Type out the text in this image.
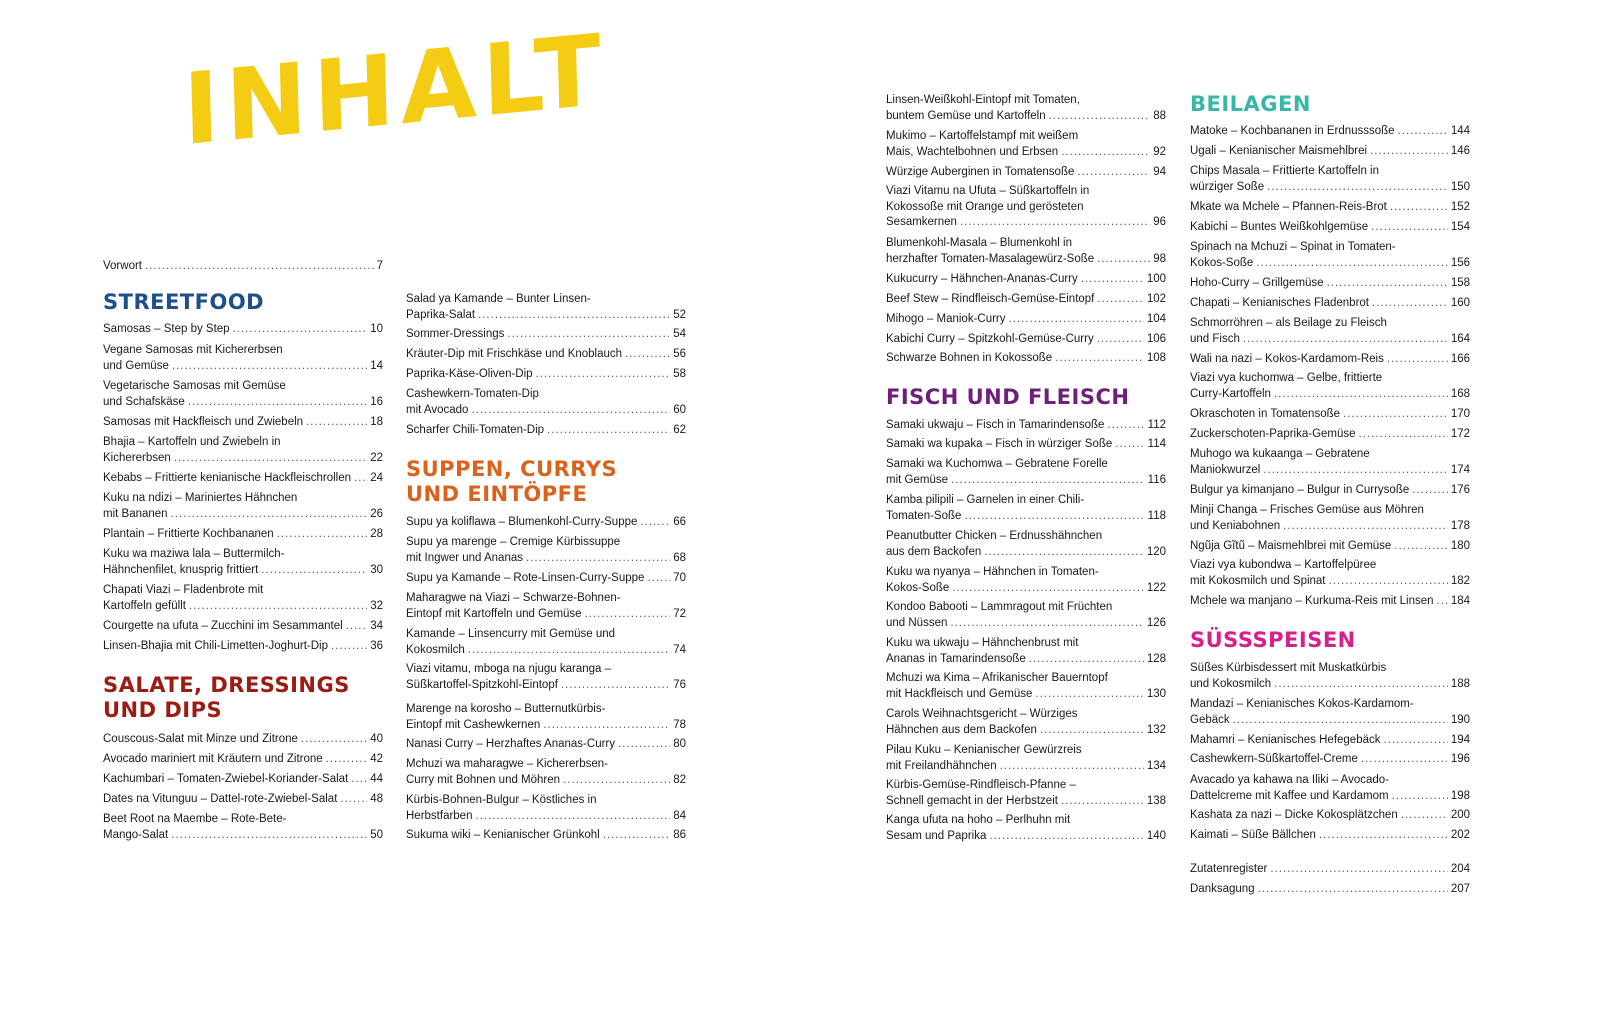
INHALT
Vorwort .....	7
STREETFOOD
Samosas – Step by Step .....	10
Vegane Samosas mit Kichererbsen
und Gemüse .....	14
Vegetarische Samosas mit Gemüse
und Schafskäse .....	16
Samosas mit Hackfleisch und Zwiebeln .....	18
Bhajia – Kartoffeln und Zwiebeln in
Kichererbsen .....	22
Kebabs – Frittierte kenianische Hackfleischrollen ..... 24
Kuku na ndizi – Mariniertes Hähnchen
mit Bananen .....	26
Plantain – Frittierte Kochbananen .....	28
Kuku wa maziwa lala – Buttermilch-
Hähnchenfilet, knusprig frittiert .....	30
Chapati Viazi – Fladenbrote mit
Kartoffeln gefüllt .....	32
Courgette na ufuta – Zucchini im Sesammantel ..... 34
Linsen-Bhajia mit Chili-Limetten-Joghurt-Dip .....	36
SALATE, DRESSINGS
UND DIPS
Couscous-Salat mit Minze und Zitrone .....	40
Avocado mariniert mit Kräutern und Zitrone .....	42
Kachumbari – Tomaten-Zwiebel-Koriander-Salat ..... 44
Dates na Vitunguu – Dattel-rote-Zwiebel-Salat .....	48
Beet Root na Maembe – Rote-Bete-
Mango-Salat .....	50
Salad ya Kamande – Bunter Linsen-
Paprika-Salat .....	52
Sommer-Dressings .....	54
Kräuter-Dip mit Frischkäse und Knoblauch .....	56
Paprika-Käse-Oliven-Dip .....	58
Cashewkern-Tomaten-Dip
mit Avocado .....	60
Scharfer Chili-Tomaten-Dip .....	62
SUPPEN, CURRYS
UND EINTÖPFE
Supu ya koliflawa – Blumenkohl-Curry-Suppe .....	66
Supu ya marenge – Cremige Kürbissuppe
mit Ingwer und Ananas .....	68
Supu ya Kamande – Rote-Linsen-Curry-Suppe .....	70
Maharagwe na Viazi – Schwarze-Bohnen-
Eintopf mit Kartoffeln und Gemüse .....	72
Kamande – Linsencurry mit Gemüse und
Kokosmilch .....	74
Viazi vitamu, mboga na njugu karanga –
Süßkartoffel-Spitzkohl-Eintopf .....	76
Marenge na korosho – Butternutkürbis-
Eintopf mit Cashewkernen .....	78
Nanasi Curry – Herzhaftes Ananas-Curry .....	80
Mchuzi wa maharagwe – Kichererbsen-
Curry mit Bohnen und Möhren .....	82
Kürbis-Bohnen-Bulgur – Köstliches in
Herbstfarben .....	84
Sukuma wiki – Kenianischer Grünkohl .....	86
Linsen-Weißkohl-Eintopf mit Tomaten,
buntem Gemüse und Kartoffeln .....	88
Mukimo – Kartoffelstampf mit weißem
Mais, Wachtelbohnen und Erbsen .....	92
Würzige Auberginen in Tomatensoße .....	94
Viazi Vitamu na Ufuta – Süßkartoffeln in
Kokossoße mit Orange und gerösteten
Sesamkernen .....	96
Blumenkohl-Masala – Blumenkohl in
herzhafter Tomaten-Masalagewürz-Soße .....	98
Kukucurry – Hähnchen-Ananas-Curry .....	100
Beef Stew – Rindfleisch-Gemüse-Eintopf .....	102
Mihogo – Maniok-Curry .....	104
Kabichi Curry – Spitzkohl-Gemüse-Curry .....	106
Schwarze Bohnen in Kokossoße .....	108
FISCH UND FLEISCH
Samaki ukwaju – Fisch in Tamarindensoße .....	112
Samaki wa kupaka – Fisch in würziger Soße .....	114
Samaki wa Kuchomwa – Gebratene Forelle
mit Gemüse .....	116
Kamba pilipili – Garnelen in einer Chili-
Tomaten-Soße .....	118
Peanutbutter Chicken – Erdnusshähnchen
aus dem Backofen .....	120
Kuku wa nyanya – Hähnchen in Tomaten-
Kokos-Soße .....	122
Kondoo Babooti – Lammragout mit Früchten
und Nüssen .....	126
Kuku wa ukwaju – Hähnchenbrust mit
Ananas in Tamarindensoße .....	128
Mchuzi wa Kima – Afrikanischer Bauerntopf
mit Hackfleisch und Gemüse .....	130
Carols Weihnachtsgericht – Würziges
Hähnchen aus dem Backofen .....	132
Pilau Kuku – Kenianischer Gewürzreis
mit Freilandhähnchen .....	134
Kürbis-Gemüse-Rindfleisch-Pfanne –
Schnell gemacht in der Herbstzeit .....	138
Kanga ufuta na hoho – Perlhuhn mit
Sesam und Paprika .....	140
BEILAGEN
Matoke – Kochbananen in Erdnusssoße .....	144
Ugali – Kenianischer Maismehlbrei .....	146
Chips Masala – Frittierte Kartoffeln in
würziger Soße .....	150
Mkate wa Mchele – Pfannen-Reis-Brot .....	152
Kabichi – Buntes Weißkohlgemüse .....	154
Spinach na Mchuzi – Spinat in Tomaten-
Kokos-Soße .....	156
Hoho-Curry – Grillgemüse .....	158
Chapati – Kenianisches Fladenbrot .....	160
Schmorröhren – als Beilage zu Fleisch
und Fisch .....	164
Wali na nazi – Kokos-Kardamom-Reis .....	166
Viazi vya kuchomwa – Gelbe, frittierte
Curry-Kartoffeln .....	168
Okraschoten in Tomatensoße .....	170
Zuckerschoten-Paprika-Gemüse .....	172
Muhogo wa kukaanga – Gebratene
Maniokwurzel .....	174
Bulgur ya kimanjano – Bulgur in Currysoße .....	176
Minji Changa – Frisches Gemüse aus Möhren
und Keniabohnen .....	178
Ngũja Gĩtũ – Maismehlbrei mit Gemüse .....	180
Viazi vya kubondwa – Kartoffelpüree
mit Kokosmilch und Spinat .....	182
Mchele wa manjano – Kurkuma-Reis mit Linsen ..... 184
SÜSSSPEISEN
Süßes Kürbisdessert mit Muskatkürbis
und Kokosmilch .....	188
Mandazi – Kenianisches Kokos-Kardamom-
Gebäck .....	190
Mahamri – Kenianisches Hefegebäck .....	194
Cashewkern-Süßkartoffel-Creme .....	196
Avacado ya kahawa na Iliki – Avocado-
Dattelcreme mit Kaffee und Kardamom .....	198
Kashata za nazi – Dicke Kokosplätzchen .....	200
Kaimati – Süße Bällchen .....	202
Zutatenregister .....	204
Danksagung .....	207
